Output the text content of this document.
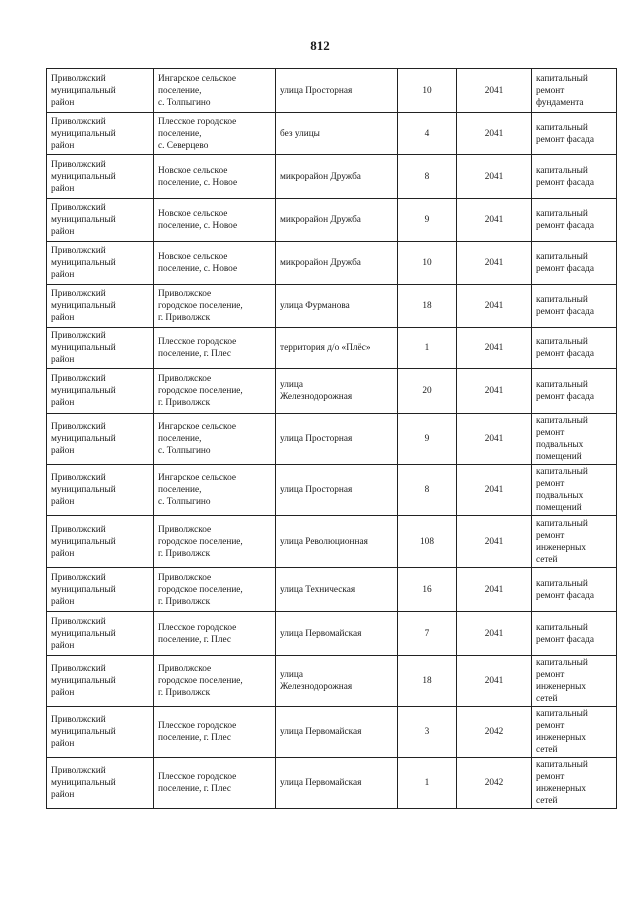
812
Приволжский
муниципальный
район	Ингарское сельское
поселение,
с. Толпыгино	улица Просторная	10	2041	капитальный
ремонт
фундамента
Приволжский
муниципальный
район	Плесское городское
поселение,
с. Северцево	без улицы	4	2041	капитальный
ремонт фасада
Приволжский
муниципальный
район	Новское сельское
поселение, с. Новое	микрорайон Дружба	8	2041	капитальный
ремонт фасада
Приволжский
муниципальный
район	Новское сельское
поселение, с. Новое	микрорайон Дружба	9	2041	капитальный
ремонт фасада
Приволжский
муниципальный
район	Новское сельское
поселение, с. Новое	микрорайон Дружба	10	2041	капитальный
ремонт фасада
Приволжский
муниципальный
район	Приволжское
городское поселение,
г. Приволжск	улица Фурманова	18	2041	капитальный
ремонт фасада
Приволжский
муниципальный
район	Плесское городское
поселение, г. Плес	территория д/о «Плёс»	1	2041	капитальный
ремонт фасада
Приволжский
муниципальный
район	Приволжское
городское поселение,
г. Приволжск	улица
Железнодорожная	20	2041	капитальный
ремонт фасада
Приволжский
муниципальный
район	Ингарское сельское
поселение,
с. Толпыгино	улица Просторная	9	2041	капитальный
ремонт
подвальных
помещений
Приволжский
муниципальный
район	Ингарское сельское
поселение,
с. Толпыгино	улица Просторная	8	2041	капитальный
ремонт
подвальных
помещений
Приволжский
муниципальный
район	Приволжское
городское поселение,
г. Приволжск	улица Революционная	108	2041	капитальный
ремонт
инженерных
сетей
Приволжский
муниципальный
район	Приволжское
городское поселение,
г. Приволжск	улица Техническая	16	2041	капитальный
ремонт фасада
Приволжский
муниципальный
район	Плесское городское
поселение, г. Плес	улица Первомайская	7	2041	капитальный
ремонт фасада
Приволжский
муниципальный
район	Приволжское
городское поселение,
г. Приволжск	улица
Железнодорожная	18	2041	капитальный
ремонт
инженерных
сетей
Приволжский
муниципальный
район	Плесское городское
поселение, г. Плес	улица Первомайская	3	2042	капитальный
ремонт
инженерных
сетей
Приволжский
муниципальный
район	Плесское городское
поселение, г. Плес	улица Первомайская	1	2042	капитальный
ремонт
инженерных
сетей
